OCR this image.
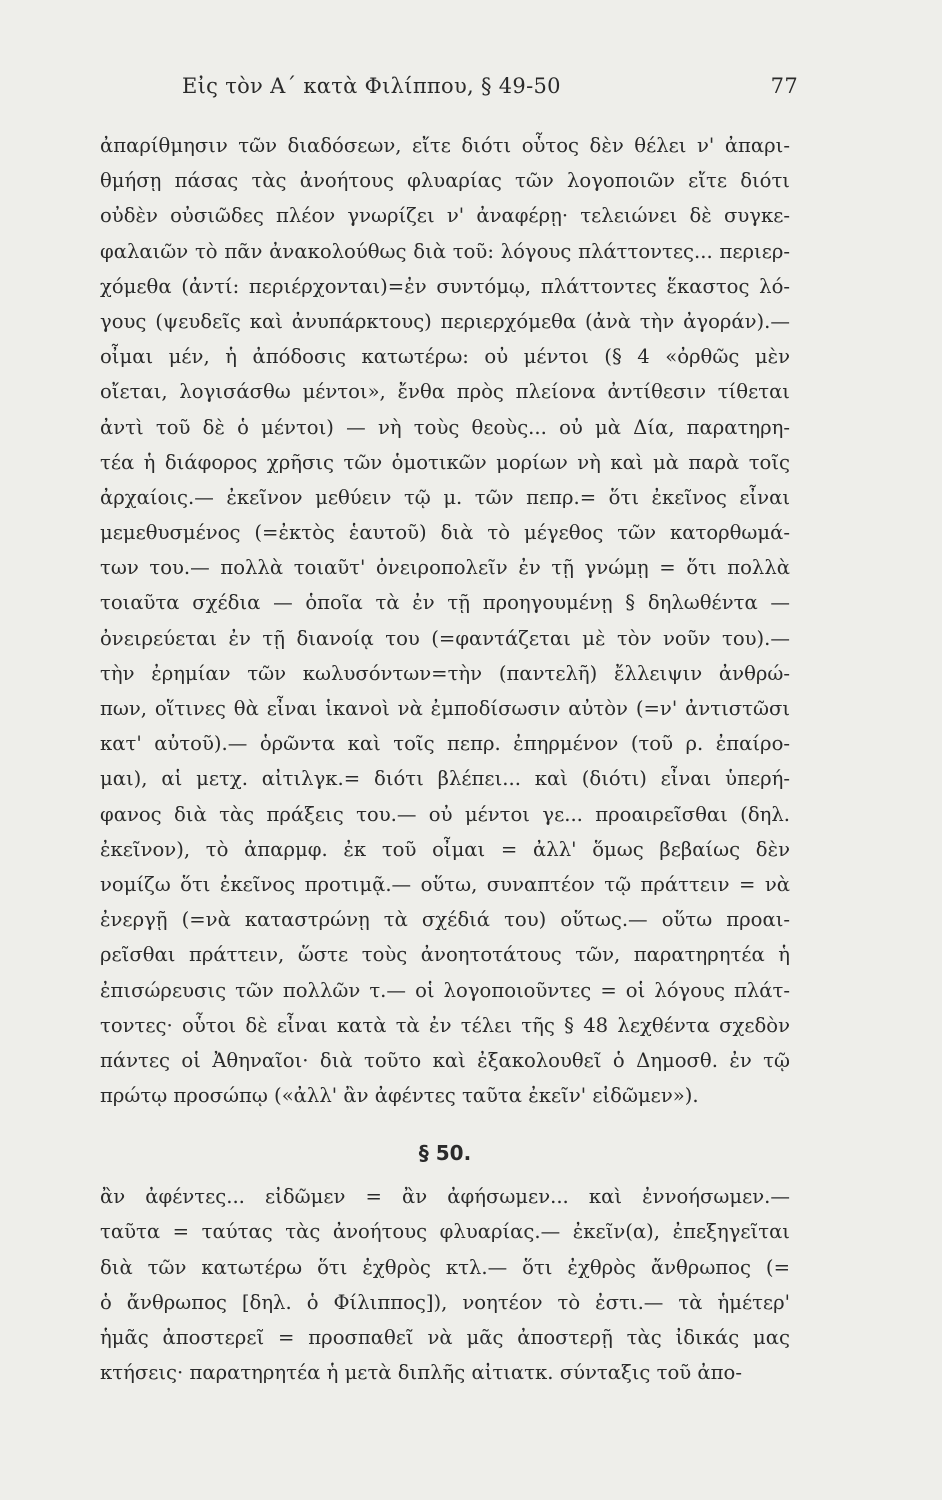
Εἰς τὸν Α´ κατὰ Φιλίππου, § 49-50	77
ἀπαρίθμησιν τῶν διαδόσεων, εἴτε διότι οὗτος δὲν θέλει ν' ἀπαρι-
θμήσῃ πάσας τὰς ἀνοήτους φλυαρίας τῶν λογοποιῶν εἴτε διότι
οὐδὲν οὐσιῶδες πλέον γνωρίζει ν' ἀναφέρῃ· τελειώνει δὲ συγκε-
φαλαιῶν τὸ πᾶν ἀνακολούθως διὰ τοῦ: λόγους πλάττοντες... περιερ-
χόμεθα (ἀντί: περιέρχονται)=ἐν συντόμῳ, πλάττοντες ἕκαστος λό-
γους (ψευδεῖς καὶ ἀνυπάρκτους) περιερχόμεθα (ἀνὰ τὴν ἀγοράν).—
οἶμαι μέν, ἡ ἀπόδοσις κατωτέρω: οὐ μέντοι (§ 4 «ὀρθῶς μὲν
οἴεται, λογισάσθω μέντοι», ἔνθα πρὸς πλείονα ἀντίθεσιν τίθεται
ἀντὶ τοῦ δὲ ὁ μέντοι) — νὴ τοὺς θεοὺς... οὐ μὰ Δία, παρατηρη-
τέα ἡ διάφορος χρῆσις τῶν ὁμοτικῶν μορίων νὴ καὶ μὰ παρὰ τοῖς
ἀρχαίοις.— ἐκεῖνον μεθύειν τῷ μ. τῶν πεπρ.= ὅτι ἐκεῖνος εἶναι
μεμεθυσμένος (=ἐκτὸς ἑαυτοῦ) διὰ τὸ μέγεθος τῶν κατορθωμά-
των του.— πολλὰ τοιαῦτ' ὀνειροπολεῖν ἐν τῇ γνώμῃ = ὅτι πολλὰ
τοιαῦτα σχέδια — ὁποῖα τὰ ἐν τῇ προηγουμένῃ § δηλωθέντα —
ὀνειρεύεται ἐν τῇ διανοίᾳ του (=φαντάζεται μὲ τὸν νοῦν του).—
τὴν ἐρημίαν τῶν κωλυσόντων=τὴν (παντελῆ) ἔλλειψιν ἀνθρώ-
πων, οἵτινες θὰ εἶναι ἱκανοὶ νὰ ἐμποδίσωσιν αὐτὸν (=ν' ἀντιστῶσι
κατ' αὐτοῦ).— ὁρῶντα καὶ τοῖς πεπρ. ἐπηρμένον (τοῦ ρ. ἐπαίρο-
μαι), αἱ μετχ. αἰτιλγκ.= διότι βλέπει... καὶ (διότι) εἶναι ὑπερή-
φανος διὰ τὰς πράξεις του.— οὐ μέντοι γε... προαιρεῖσθαι (δηλ.
ἐκεῖνον), τὸ ἀπαρμφ. ἐκ τοῦ οἶμαι = ἀλλ' ὅμως βεβαίως δὲν
νομίζω ὅτι ἐκεῖνος προτιμᾷ.— οὕτω, συναπτέον τῷ πράττειν = νὰ
ἐνεργῇ (=νὰ καταστρώνῃ τὰ σχέδιά του) οὕτως.— οὕτω προαι-
ρεῖσθαι πράττειν, ὥστε τοὺς ἀνοητοτάτους τῶν, παρατηρητέα ἡ
ἐπισώρευσις τῶν πολλῶν τ.— οἱ λογοποιοῦντες = οἱ λόγους πλάτ-
τοντες· οὗτοι δὲ εἶναι κατὰ τὰ ἐν τέλει τῆς § 48 λεχθέντα σχεδὸν
πάντες οἱ Ἀθηναῖοι· διὰ τοῦτο καὶ ἐξακολουθεῖ ὁ Δημοσθ. ἐν τῷ
πρώτῳ προσώπῳ («ἀλλ' ἂν ἀφέντες ταῦτα ἐκεῖν' εἰδῶμεν»).
§ 50.
ἂν ἀφέντες... εἰδῶμεν = ἂν ἀφήσωμεν... καὶ ἐννοήσωμεν.—
ταῦτα = ταύτας τὰς ἀνοήτους φλυαρίας.— ἐκεῖν(α), ἐπεξηγεῖται
διὰ τῶν κατωτέρω ὅτι ἐχθρὸς κτλ.— ὅτι ἐχθρὸς ἄνθρωπος (=
ὁ ἄνθρωπος [δηλ. ὁ Φίλιππος]), νοητέον τὸ ἐστι.— τὰ ἡμέτερ'
ἡμᾶς ἀποστερεῖ = προσπαθεῖ νὰ μᾶς ἀποστερῇ τὰς ἰδικάς μας
κτήσεις· παρατηρητέα ἡ μετὰ διπλῆς αἰτιατκ. σύνταξις τοῦ ἀπο-
